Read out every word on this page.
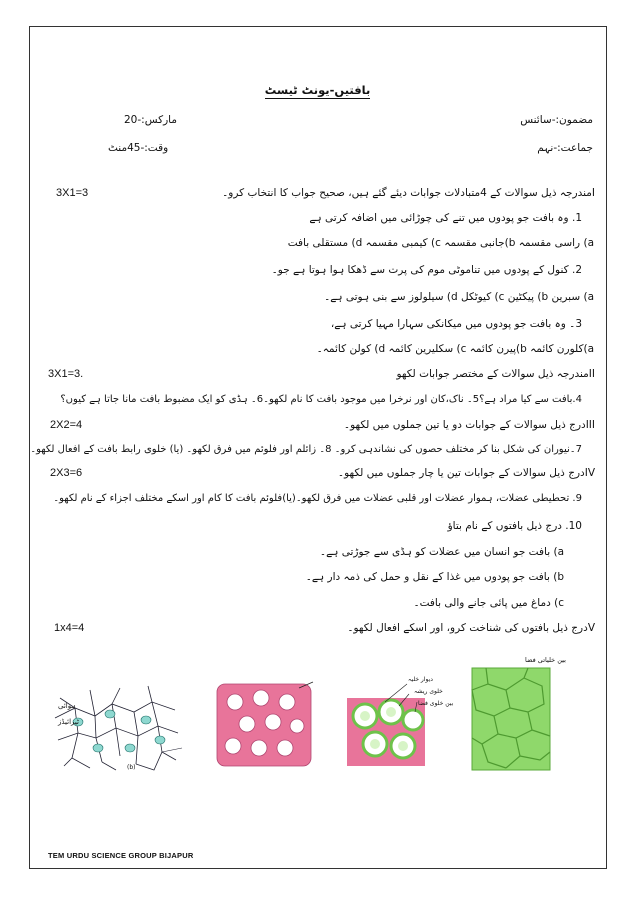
بافتیں-یونٹ ٹیسٹ
مضمون:-سائنس
مارکس:-20
جماعت:-نہم
وقت:-45منٹ
Iمندرجہ ذیل سوالات کے 4متبادلات جوابات دیئے گئے ہیں، صحیح جواب کا انتخاب کرو۔
3X1=3
1. وہ بافت جو پودوں میں تنے کی چوڑائی میں اضافہ کرتی ہے
a) راسی مقسمہ b)جانبی مقسمہ c) کیمبی مقسمہ d) مستقلی بافت
2. کنول کے پودوں میں تناموٹی موم کی پرت سے ڈھکا ہوا ہوتا ہے جو۔
a) سبرین b) پیکٹین c) کیوٹکل d) سیلولوز سے بنی ہوتی ہے۔
3۔ وہ بافت جو پودوں میں میکانکی سہارا مہیا کرتی ہے،
a)کلورن کائمہ b)پیرن کائمہ c) سکلیرین کائمہ d) کولن کائمہ۔
IIمندرجہ ذیل سوالات کے مختصر جوابات لکھو
3X1=3.
4.بافت سے کیا مراد ہے؟5۔ ناک،کان اور نرخرا میں موجود بافت کا نام لکھو۔6۔ ہڈی کو ایک مضبوط بافت مانا جاتا ہے کیوں؟
IIIدرج ذیل سوالات کے جوابات دو یا تین جملوں میں لکھو۔
2X2=4
7۔نیوران کی شکل بنا کر مختلف حصوں کی نشاندہی کرو۔ 8۔ زائلم اور فلوئم میں فرق لکھو۔ (یا) خلوی رابط بافت کے افعال لکھو۔
IVدرج ذیل سوالات کے جوابات تین یا چار جملوں میں لکھو۔
2X3=6
9. تحطیطی عضلات، ہموار عضلات اور قلبی عضلات میں فرق لکھو۔(یا)فلوئم بافت کا کام اور اسکے مختلف اجزاء کے نام لکھو۔
10. درج ذیل بافتوں کے نام بتاؤ
a) بافت جو انسان میں عضلات کو ہڈی سے جوڑتی ہے۔
b) بافت جو پودوں میں غذا کے نقل و حمل کی ذمہ دار ہے۔
c) دماغ میں پائی جانے والی بافت۔
Vدرج ذیل بافتوں کی شناخت کرو، اور اسکے افعال لکھو۔
1x4=4
ہوائی
ٹیرائیڈز
(b)
دیوار خلیہ
خلوی ریشہ
بین خلوی فضا
بین خلیاتی فضا
TEM URDU SCIENCE GROUP BIJAPUR
